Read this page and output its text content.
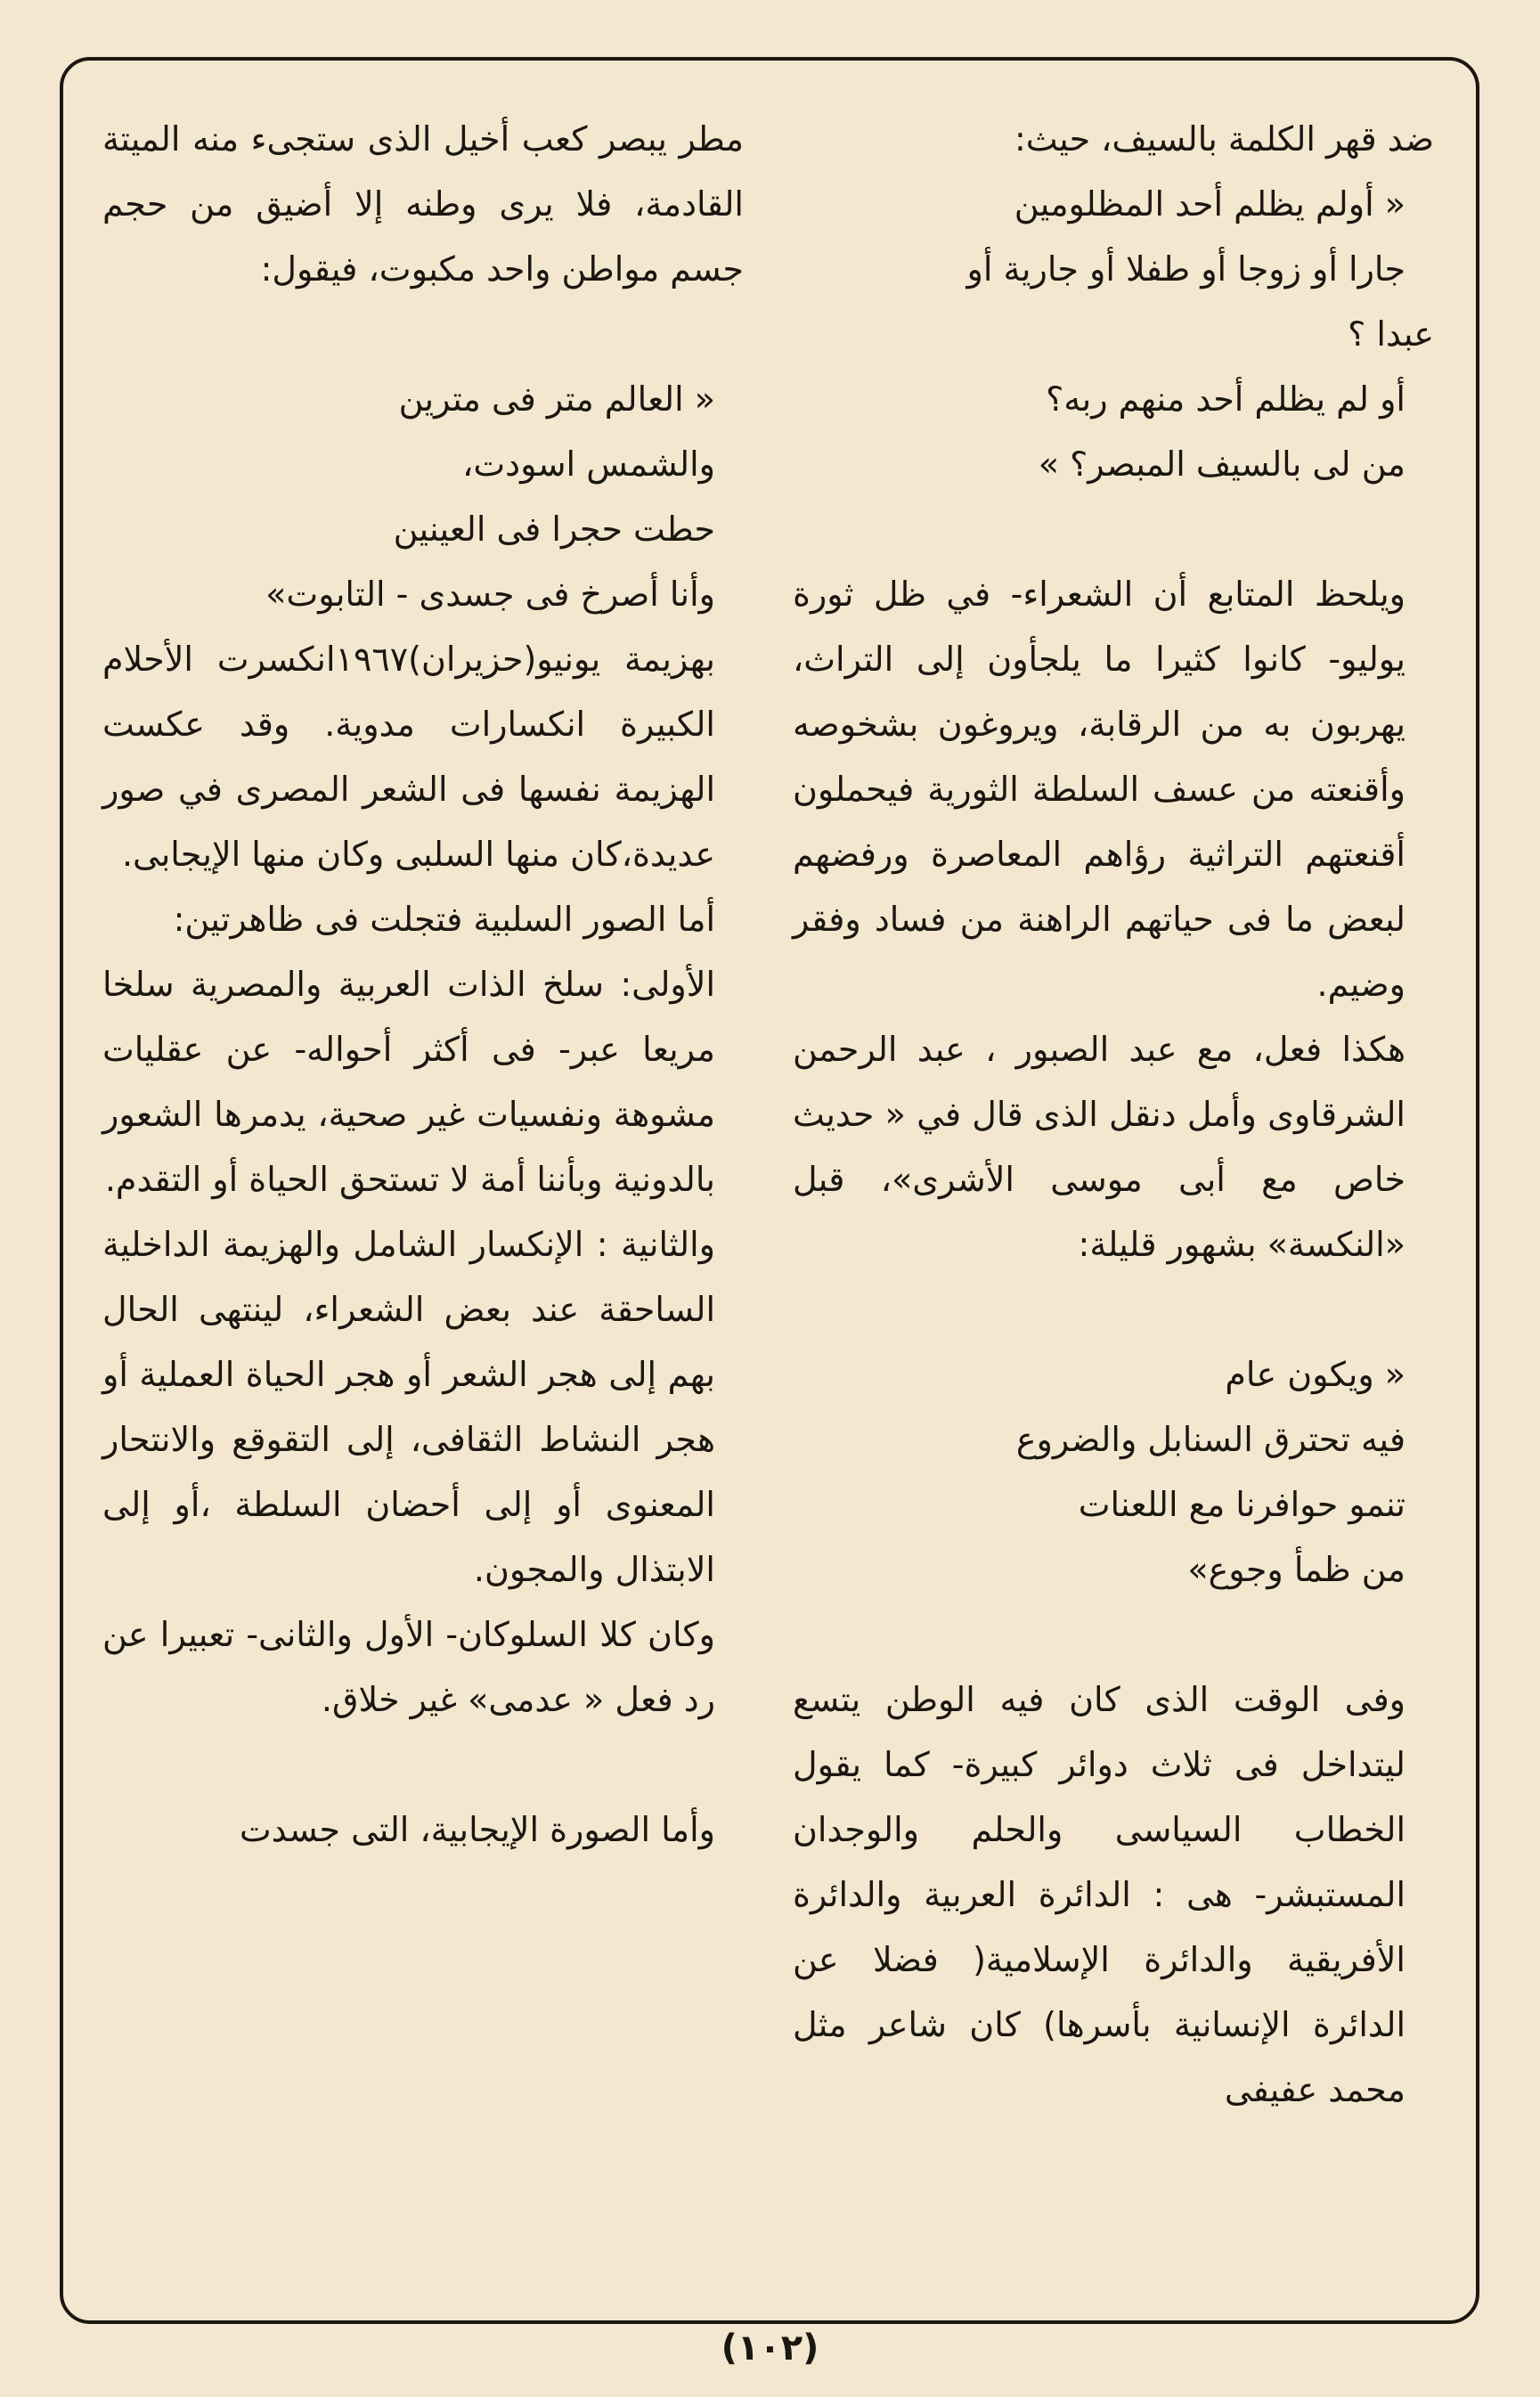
ضد قهر الكلمة بالسيف، حيث:

« أولم يظلم أحد المظلومين

جارا أو زوجا أو طفلا أو جارية أو

عبدا ؟

أو لم يظلم أحد منهم ربه؟

من لى بالسيف المبصر؟ »

ويلحظ المتابع أن الشعراء- في ظل ثورة يوليو- كانوا كثيرا ما يلجأون إلى التراث، يهربون به من الرقابة، ويروغون بشخوصه وأقنعته من عسف السلطة الثورية فيحملون أقنعتهم التراثية رؤاهم المعاصرة ورفضهم لبعض ما فى حياتهم الراهنة من فساد وفقر وضيم.

هكذا فعل، مع عبد الصبور ، عبد الرحمن الشرقاوى وأمل دنقل الذى قال في « حديث خاص مع أبى موسى الأشرى»، قبل «النكسة» بشهور قليلة:

« ويكون عام

فيه تحترق السنابل والضروع

تنمو حوافرنا مع اللعنات

من ظمأ وجوع»

وفى الوقت الذى كان فيه الوطن يتسع ليتداخل فى ثلاث دوائر كبيرة- كما يقول الخطاب السياسى والحلم والوجدان المستبشر- هى : الدائرة العربية والدائرة الأفريقية والدائرة الإسلامية( فضلا عن الدائرة الإنسانية بأسرها) كان شاعر مثل محمد عفيفى

مطر يبصر كعب أخيل الذى ستجىء منه الميتة القادمة، فلا يرى وطنه إلا أضيق من حجم جسم مواطن واحد مكبوت، فيقول:

« العالم متر فى مترين

والشمس اسودت،

حطت حجرا فى العينين

وأنا أصرخ فى جسدى - التابوت»

بهزيمة يونيو(حزيران)١٩٦٧انكسرت الأحلام الكبيرة انكسارات مدوية. وقد عكست الهزيمة نفسها فى الشعر المصرى في صور عديدة،كان منها السلبى وكان منها الإيجابى.

أما الصور السلبية فتجلت فى ظاهرتين:

الأولى: سلخ الذات العربية والمصرية سلخا مريعا عبر- فى أكثر أحواله- عن عقليات مشوهة ونفسيات غير صحية، يدمرها الشعور بالدونية وبأننا أمة لا تستحق الحياة أو التقدم.

والثانية : الإنكسار الشامل والهزيمة الداخلية الساحقة عند بعض الشعراء، لينتهى الحال بهم إلى هجر الشعر أو هجر الحياة العملية أو هجر النشاط الثقافى، إلى التقوقع والانتحار المعنوى أو إلى أحضان السلطة ،أو إلى الابتذال والمجون.

وكان كلا السلوكان- الأول والثانى- تعبيرا عن رد فعل « عدمى» غير خلاق.

وأما الصورة الإيجابية، التى جسدت

(١٠٢)
